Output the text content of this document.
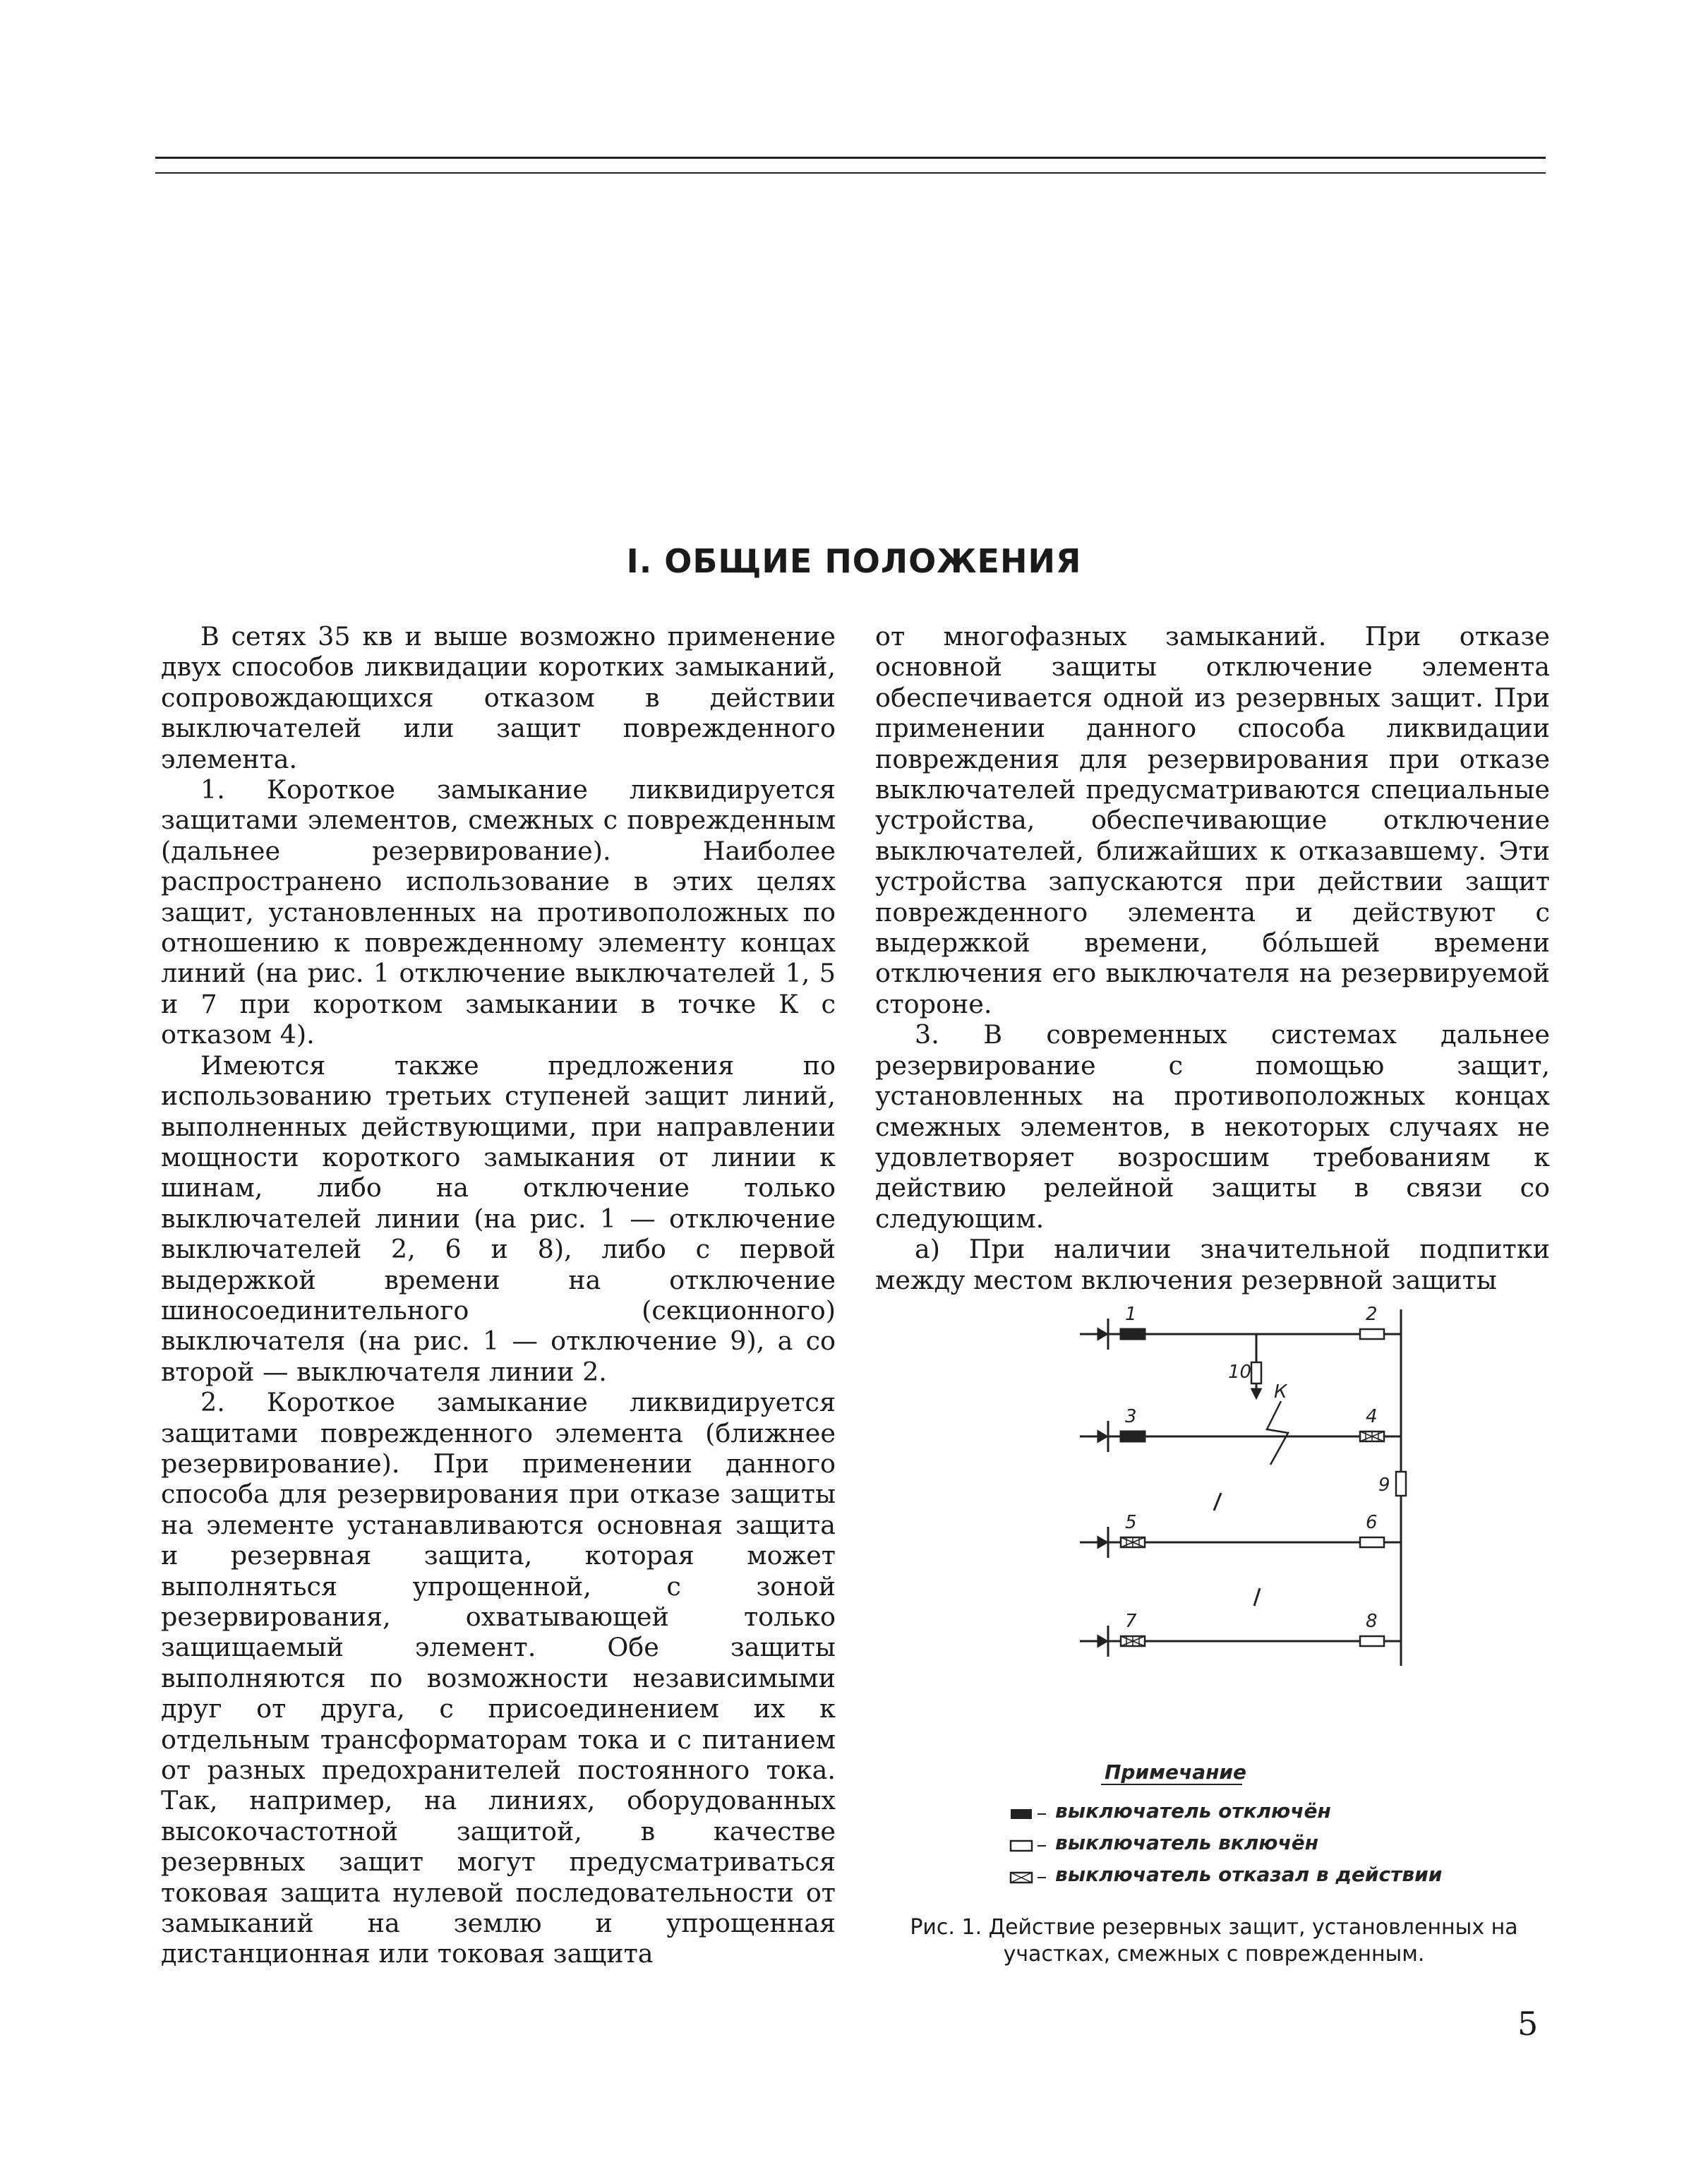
I. ОБЩИЕ ПОЛОЖЕНИЯ

В сетях 35 кв и выше возможно применение двух способов ликвидации коротких замыканий, сопровождающихся отказом в действии выключателей или защит поврежденного элемента.

1. Короткое замыкание ликвидируется защитами элементов, смежных с поврежденным (дальнее резервирование). Наиболее распространено использование в этих целях защит, установленных на противоположных по отношению к поврежденному элементу концах линий (на рис. 1 отключение выключателей 1, 5 и 7 при коротком замыкании в точке К с отказом 4).

Имеются также предложения по использованию третьих ступеней защит линий, выполненных действующими, при направлении мощности короткого замыкания от линии к шинам, либо на отключение только выключателей линии (на рис. 1 — отключение выключателей 2, 6 и 8), либо с первой выдержкой времени на отключение шиносоединительного (секционного) выключателя (на рис. 1 — отключение 9), а со второй — выключателя линии 2.

2. Короткое замыкание ликвидируется защитами поврежденного элемента (ближнее резервирование). При применении данного способа для резервирования при отказе защиты на элементе устанавливаются основная защита и резервная защита, которая может выполняться упрощенной, с зоной резервирования, охватывающей только защищаемый элемент. Обе защиты выполняются по возможности независимыми друг от друга, с присоединением их к отдельным трансформаторам тока и с питанием от разных предохранителей постоянного тока. Так, например, на линиях, оборудованных высокочастотной защитой, в качестве резервных защит могут предусматриваться токовая защита нулевой последовательности от замыканий на землю и упрощенная дистанционная или токовая защита

от многофазных замыканий. При отказе основной защиты отключение элемента обеспечивается одной из резервных защит. При применении данного способа ликвидации повреждения для резервирования при отказе выключателей предусматриваются специальные устройства, обеспечивающие отключение выключателей, ближайших к отказавшему. Эти устройства запускаются при действии защит поврежденного элемента и действуют с выдержкой времени, бо́льшей времени отключения его выключателя на резервируемой стороне.

3. В современных системах дальнее резервирование с помощью защит, установленных на противоположных концах смежных элементов, в некоторых случаях не удовлетворяет возросшим требованиям к действию релейной защиты в связи со следующим.

а) При наличии значительной подпитки между местом включения резервной защиты

9
1	2
3	4
5	6
7	8
10
К
Рис. 1. Действие резервных защит, установленных на участках, смежных с поврежденным.
5
Примечание
выключатель отключён
выключатель включён
выключатель отказал в действии
